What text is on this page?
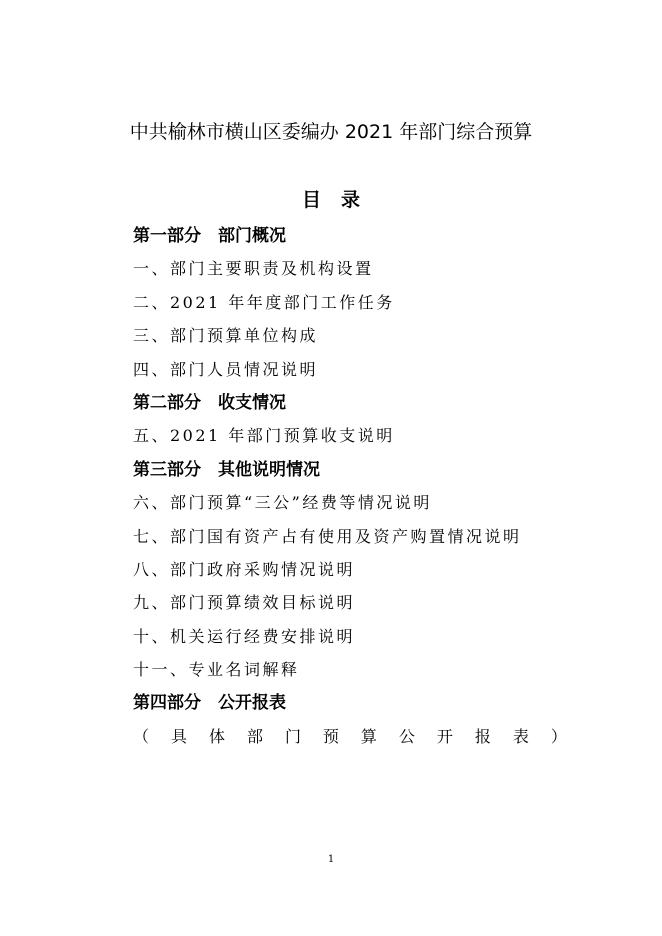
中共榆林市横山区委编办 2021 年部门综合预算
目录
第一部分　部门概况
一、部门主要职责及机构设置
二、2021 年年度部门工作任务
三、部门预算单位构成
四、部门人员情况说明
第二部分　收支情况
五、2021 年部门预算收支说明
第三部分　其他说明情况
六、部门预算“三公”经费等情况说明
七、部门国有资产占有使用及资产购置情况说明
八、部门政府采购情况说明
九、部门预算绩效目标说明
十、机关运行经费安排说明
十一、专业名词解释
第四部分　公开报表
（ 具 体 部 门 预 算 公 开 报 表 ）
1
